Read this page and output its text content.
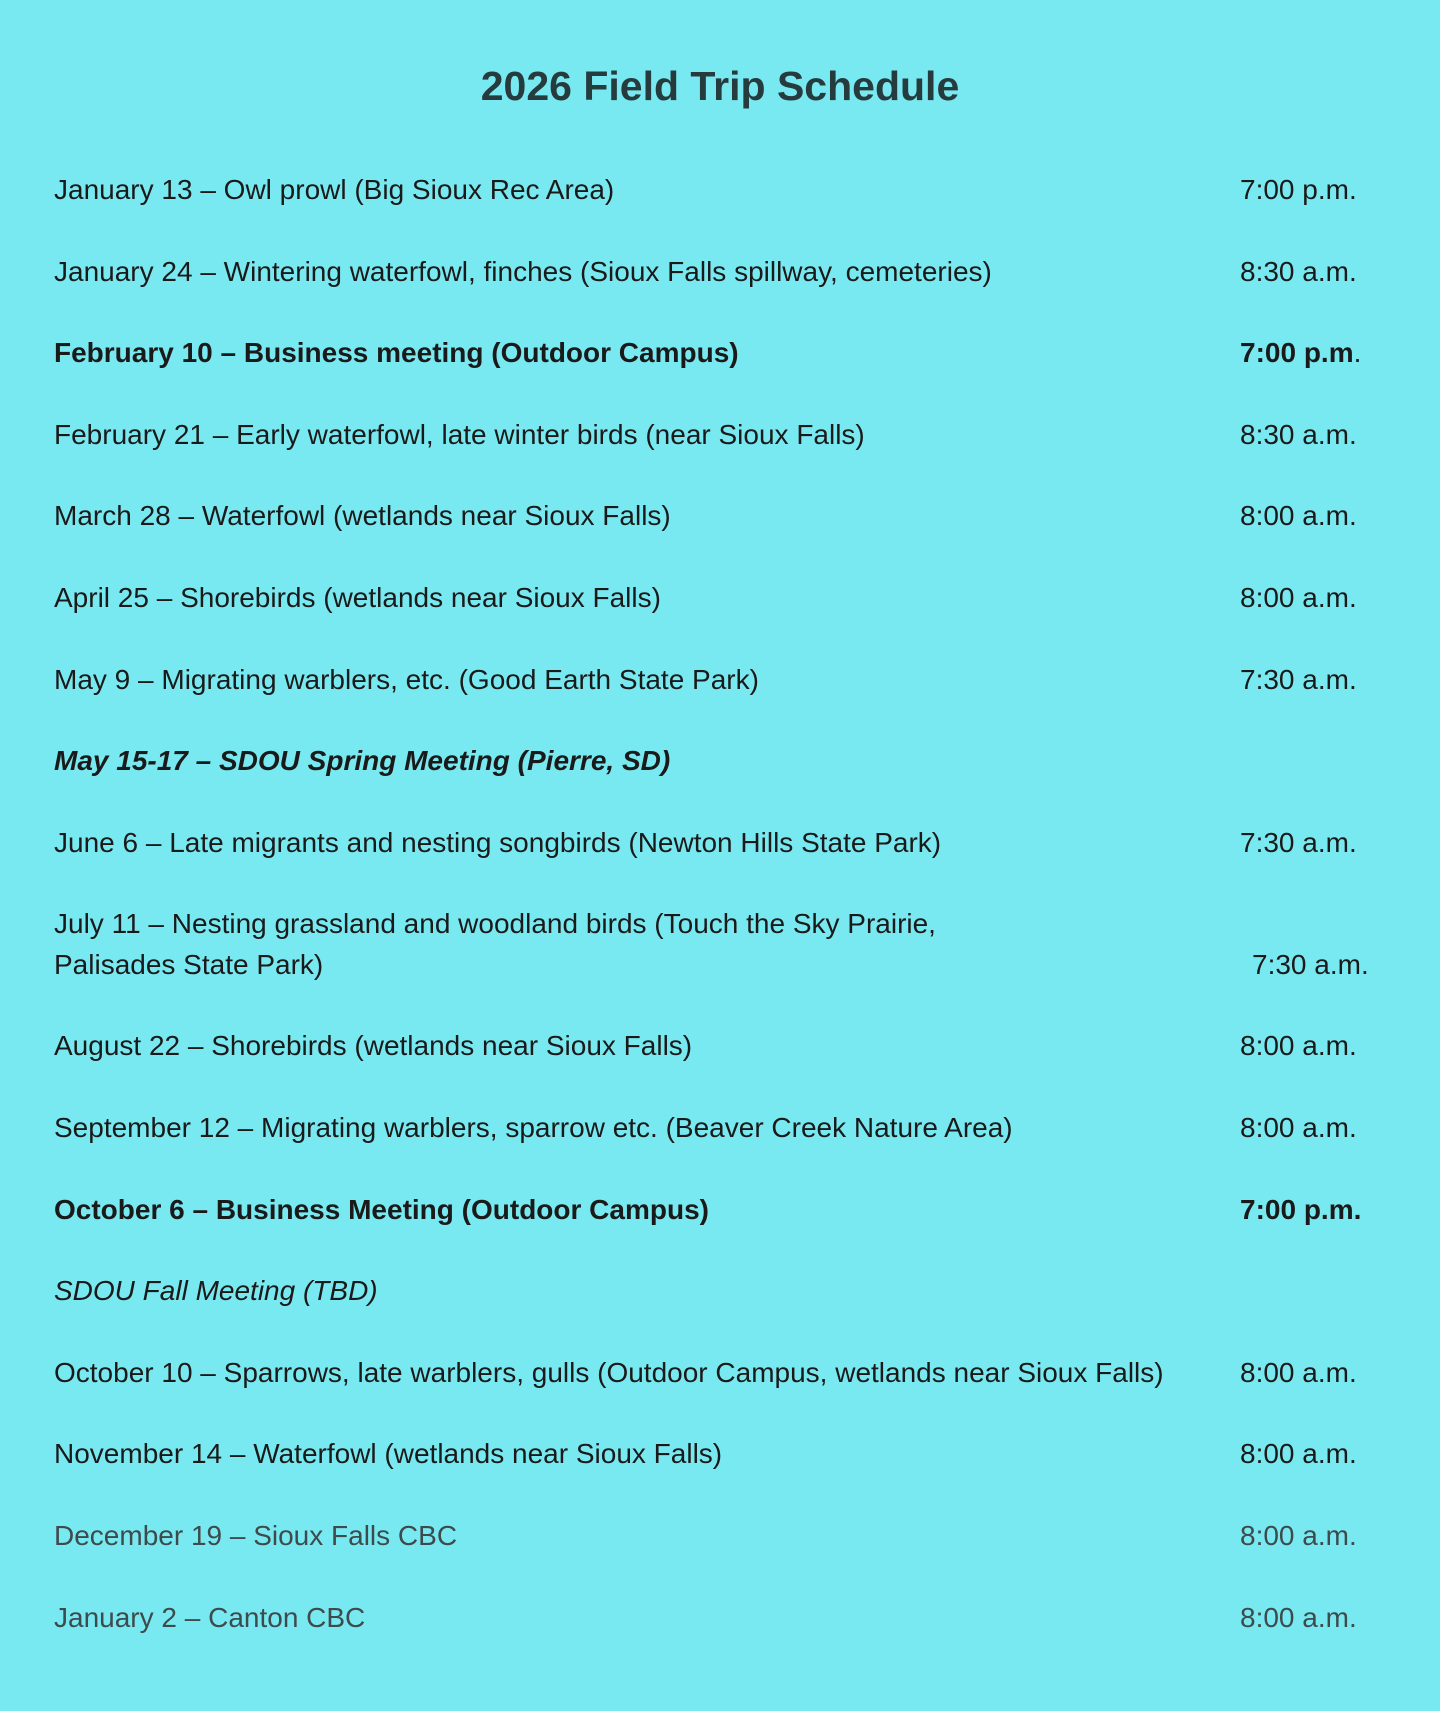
2026 Field Trip Schedule
January 13 – Owl prowl (Big Sioux Rec Area)	7:00 p.m.
January 24 – Wintering waterfowl, finches (Sioux Falls spillway, cemeteries)	8:30 a.m.
February 10 – Business meeting (Outdoor Campus)	7:00 p.m.
February 21 – Early waterfowl, late winter birds (near Sioux Falls)	8:30 a.m.
March 28 – Waterfowl (wetlands near Sioux Falls)	8:00 a.m.
April 25 – Shorebirds (wetlands near Sioux Falls)	8:00 a.m.
May 9 – Migrating warblers, etc. (Good Earth State Park)	7:30 a.m.
May 15-17 – SDOU Spring Meeting (Pierre, SD)
June 6 – Late migrants and nesting songbirds (Newton Hills State Park)	7:30 a.m.
July 11 – Nesting grassland and woodland birds (Touch the Sky Prairie,
Palisades State Park)	7:30 a.m.
August 22 – Shorebirds (wetlands near Sioux Falls)	8:00 a.m.
September 12 – Migrating warblers, sparrow etc. (Beaver Creek Nature Area)	8:00 a.m.
October 6 – Business Meeting (Outdoor Campus)	7:00 p.m.
SDOU Fall Meeting (TBD)
October 10 – Sparrows, late warblers, gulls (Outdoor Campus, wetlands near Sioux Falls)	8:00 a.m.
November 14 – Waterfowl (wetlands near Sioux Falls)	8:00 a.m.
December 19 – Sioux Falls CBC	8:00 a.m.
January 2 – Canton CBC	8:00 a.m.
